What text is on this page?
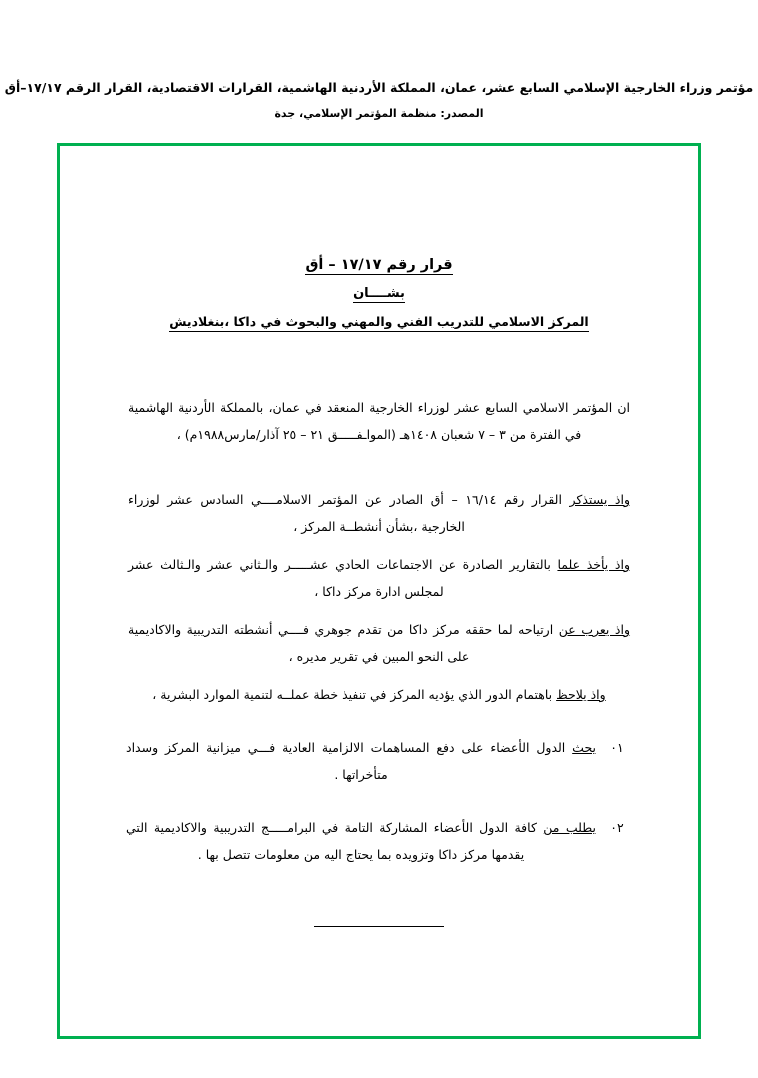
مؤتمر وزراء الخارجية الإسلامي السابع عشر، عمان، المملكة الأردنية الهاشمية، القرارات الاقتصادية، القرار الرقم ١٧/١٧–أق
المصدر: منظمة المؤتمر الإسلامي، جدة
قرار رقم ١٧/١٧ – أق
بشــــان
المركز الاسلامي للتدريب الفني والمهني والبحوث في داكا ،بنغلاديش

ان المؤتمر الاسلامي السابع عشر لوزراء الخارجية المنعقد في عمان، بالمملكة الأردنية الهاشمية في الفترة من ٣ – ٧ شعبان ١٤٠٨هـ (المواـفـــــق ٢١ – ٢٥ آذار/مارس١٩٨٨م) ،

واذ يستذكر القرار رقم ١٦/١٤ – أق الصادر عن المؤتمر الاسلامــــي السادس عشر لوزراء الخارجية ،بشأن أنشطــة المركز ،

واذ يأخذ علما بالتقارير الصادرة عن الاجتماعات الحادي عشـــــر والـثاني عشر والـثالث عشر لمجلس ادارة مركز داكا ،

واذ يعرب عن ارتياحه لما حققه مركز داكا من تقدم جوهري فــــي أنشطته التدريبية والاكاديمية على النحو المبين في تقرير مديره ،

واذ يلاحظ باهتمام الدور الذي يؤديه المركز في تنفيذ خطة عملــه لتنمية الموارد البشرية ،

٠١
يحث الدول الأعضاء على دفع المساهمات الالزامية العادية فـــي ميزانية المركز وسداد متأخراتها .
٠٢
يطلب من كافة الدول الأعضاء المشاركة التامة في البرامـــــج التدريبية والاكاديمية التي يقدمها مركز داكا وتزويده بما يحتاج اليه من معلومات تتصل بها .
